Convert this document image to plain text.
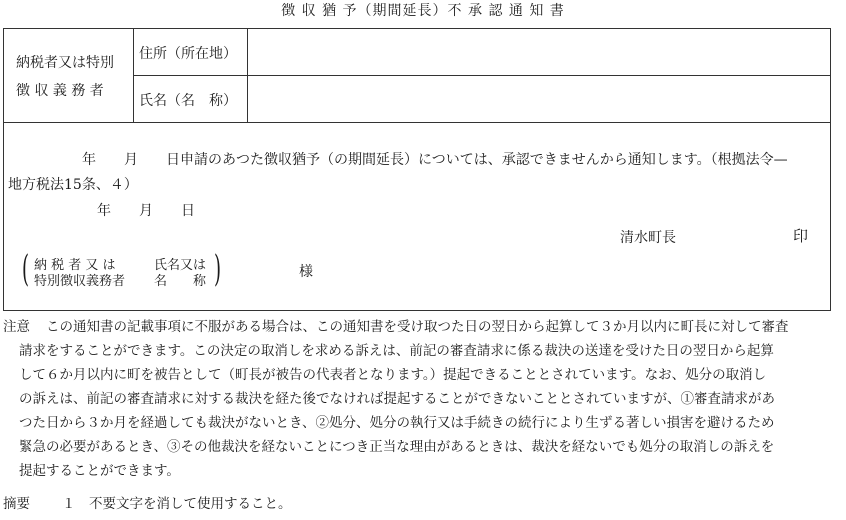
徴 収 猶 予（期間延長）不 承 認 通 知 書
納税者又は特別
徴 収 義 務 者
住所（所在地）
氏名（名　称）
年　　月　　日申請のあつた徴収猶予（の期間延長）については、承認できませんから通知します。（根拠法令—
地方税法15条、４）
年　　月　　日
清水町長	印
( 納 税 者 又 は
特別徴収義務者
氏名又は
名　　称 )	様
注意 この通知書の記載事項に不服がある場合は、この通知書を受け取つた日の翌日から起算して３か月以内に町長に対して審査
請求をすることができます。この決定の取消しを求める訴えは、前記の審査請求に係る裁決の送達を受けた日の翌日から起算
して６か月以内に町を被告として（町長が被告の代表者となります。）提起できることとされています。なお、処分の取消し
の訴えは、前記の審査請求に対する裁決を経た後でなければ提起することができないこととされていますが、①審査請求があ
つた日から３か月を経過しても裁決がないとき、②処分、処分の執行又は手続きの続行により生ずる著しい損害を避けるため
緊急の必要があるとき、③その他裁決を経ないことにつき正当な理由があるときは、裁決を経ないでも処分の取消しの訴えを
提起することができます。
摘要 １　不要文字を消して使用すること。
